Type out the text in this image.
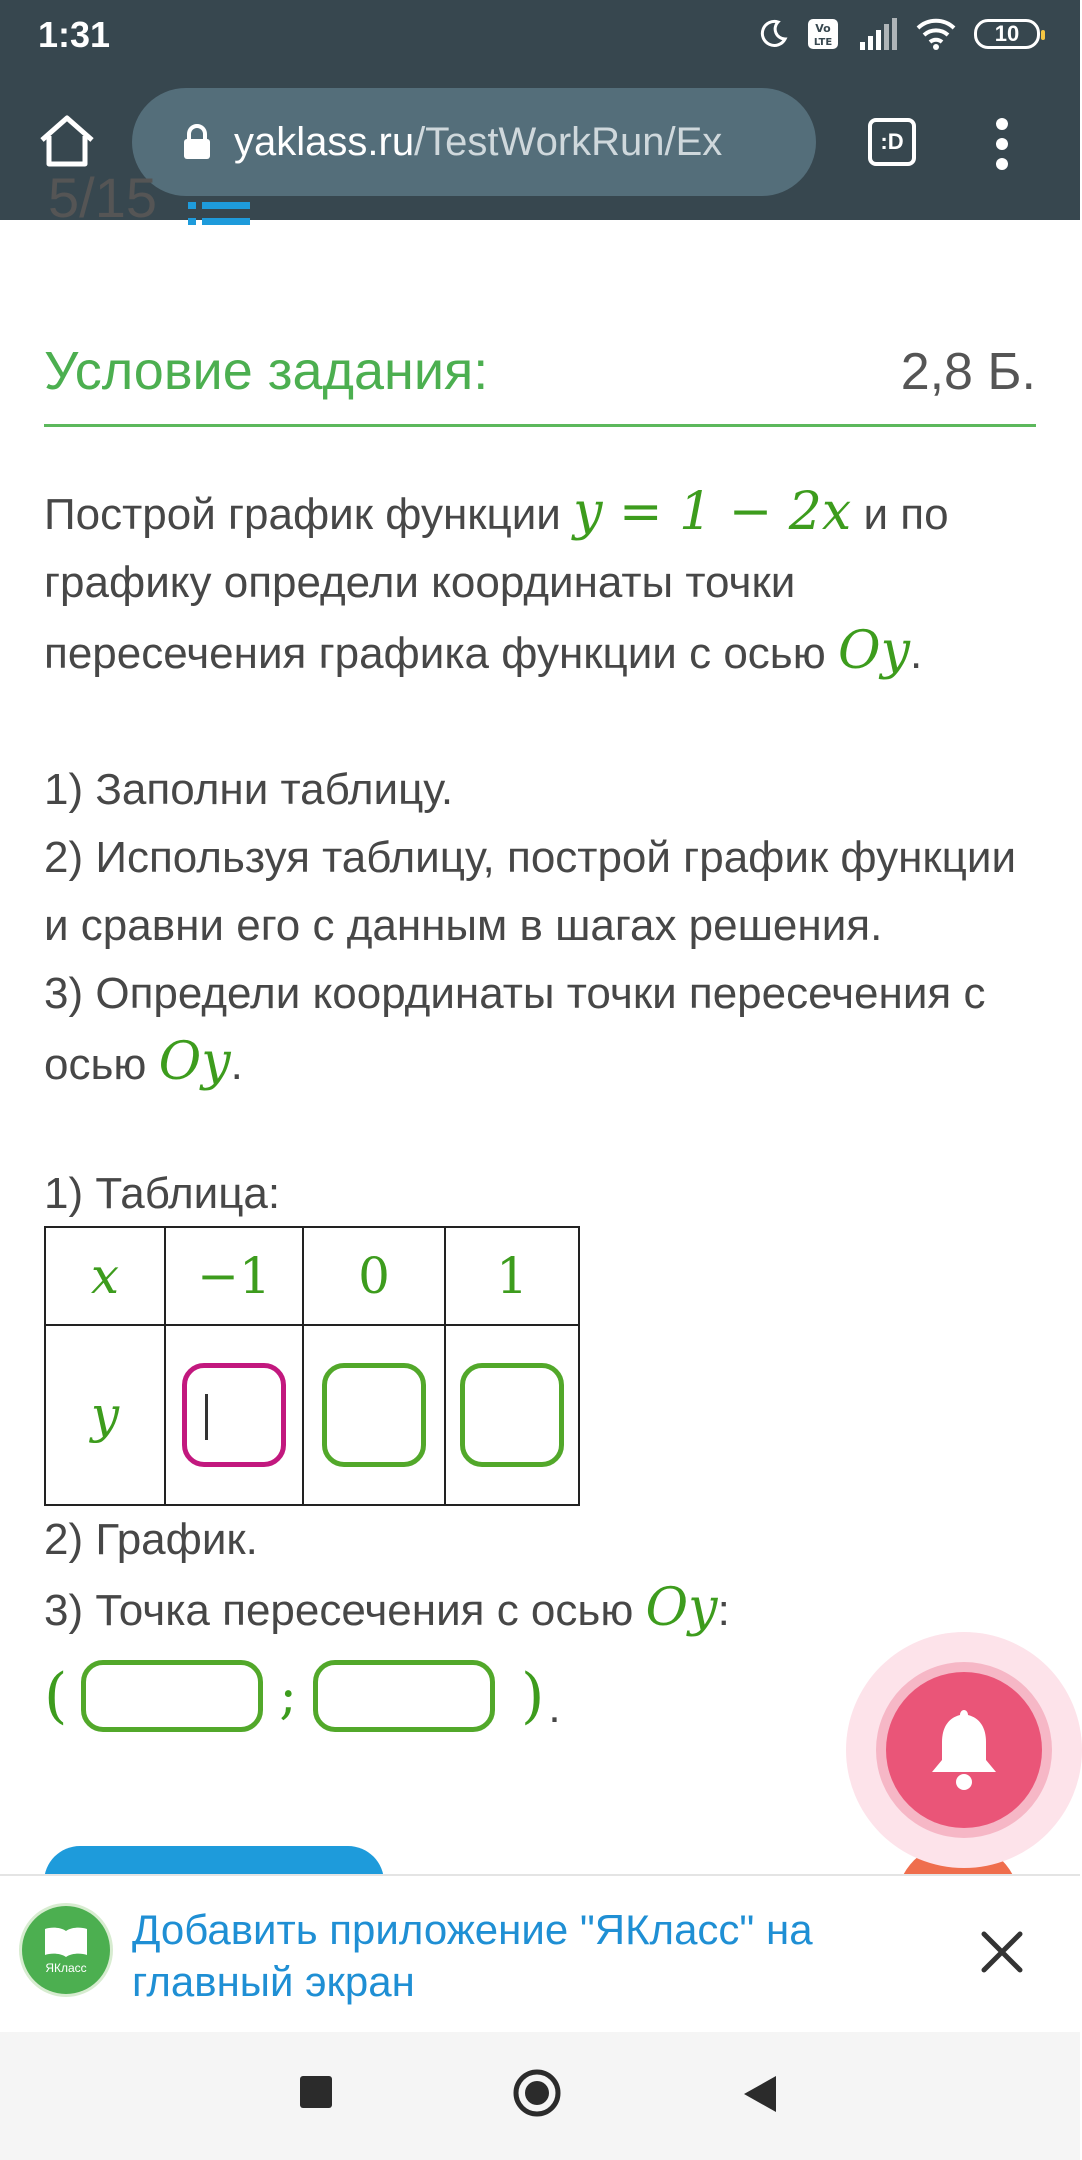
1:31	Vo
LTE	10
yaklass.ru/TestWorkRun/Ex	:D
5/15
Условие задания:	2,8 Б.
Построй график функции y = 1 − 2x и по графику определи координаты точки пересечения графика функции с осью Oy.
1) Заполни таблицу.
2) Используя таблицу, построй график функции и сравни его с данным в шагах решения.
3) Определи координаты точки пересечения с осью Oy.
1) Таблица:
x	−1	0	1
y	

2) График.
3) Точка пересечения с осью Oy:
(	;	) .
ЯКласс
Добавить приложение "ЯКласс" на главный экран
